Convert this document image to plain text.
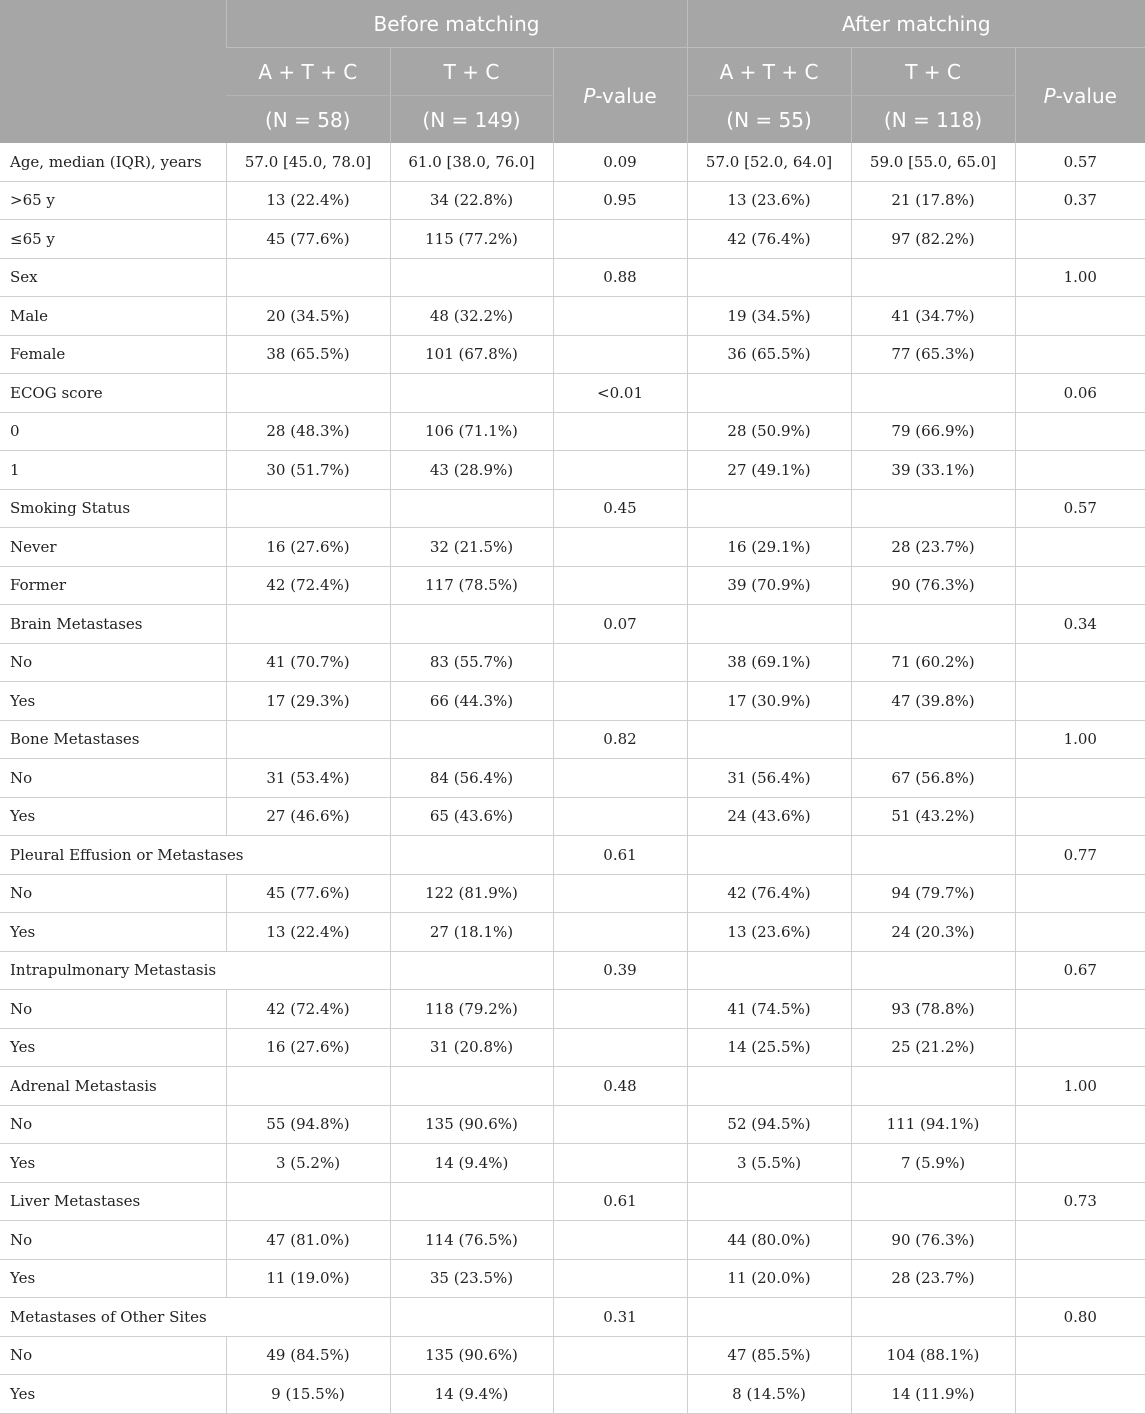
	Before matching			After matching		
	A + T + C	T + C	P-value	A + T + C	T + C	P-value
	(N = 58)	(N = 149)		(N = 55)	(N = 118)	
Age, median (IQR), years	57.0 [45.0, 78.0]	61.0 [38.0, 76.0]	0.09	57.0 [52.0, 64.0]	59.0 [55.0, 65.0]	0.57
>65 y	13 (22.4%)	34 (22.8%)	0.95	13 (23.6%)	21 (17.8%)	0.37
≤65 y	45 (77.6%)	115 (77.2%)		42 (76.4%)	97 (82.2%)	
Sex			0.88			1.00
Male	20 (34.5%)	48 (32.2%)		19 (34.5%)	41 (34.7%)	
Female	38 (65.5%)	101 (67.8%)		36 (65.5%)	77 (65.3%)	
ECOG score			<0.01			0.06
0	28 (48.3%)	106 (71.1%)		28 (50.9%)	79 (66.9%)	
1	30 (51.7%)	43 (28.9%)		27 (49.1%)	39 (33.1%)	
Smoking Status			0.45			0.57
Never	16 (27.6%)	32 (21.5%)		16 (29.1%)	28 (23.7%)	
Former	42 (72.4%)	117 (78.5%)		39 (70.9%)	90 (76.3%)	
Brain Metastases			0.07			0.34
No	41 (70.7%)	83 (55.7%)		38 (69.1%)	71 (60.2%)	
Yes	17 (29.3%)	66 (44.3%)		17 (30.9%)	47 (39.8%)	
Bone Metastases			0.82			1.00
No	31 (53.4%)	84 (56.4%)		31 (56.4%)	67 (56.8%)	
Yes	27 (46.6%)	65 (43.6%)		24 (43.6%)	51 (43.2%)	
Pleural Effusion or Metastases			0.61			0.77
No	45 (77.6%)	122 (81.9%)		42 (76.4%)	94 (79.7%)	
Yes	13 (22.4%)	27 (18.1%)		13 (23.6%)	24 (20.3%)	
Intrapulmonary Metastasis			0.39			0.67
No	42 (72.4%)	118 (79.2%)		41 (74.5%)	93 (78.8%)	
Yes	16 (27.6%)	31 (20.8%)		14 (25.5%)	25 (21.2%)	
Adrenal Metastasis			0.48			1.00
No	55 (94.8%)	135 (90.6%)		52 (94.5%)	111 (94.1%)	
Yes	3 (5.2%)	14 (9.4%)		3 (5.5%)	7 (5.9%)	
Liver Metastases			0.61			0.73
No	47 (81.0%)	114 (76.5%)		44 (80.0%)	90 (76.3%)	
Yes	11 (19.0%)	35 (23.5%)		11 (20.0%)	28 (23.7%)	
Metastases of Other Sites			0.31			0.80
No	49 (84.5%)	135 (90.6%)		47 (85.5%)	104 (88.1%)	
Yes	9 (15.5%)	14 (9.4%)		8 (14.5%)	14 (11.9%)	
